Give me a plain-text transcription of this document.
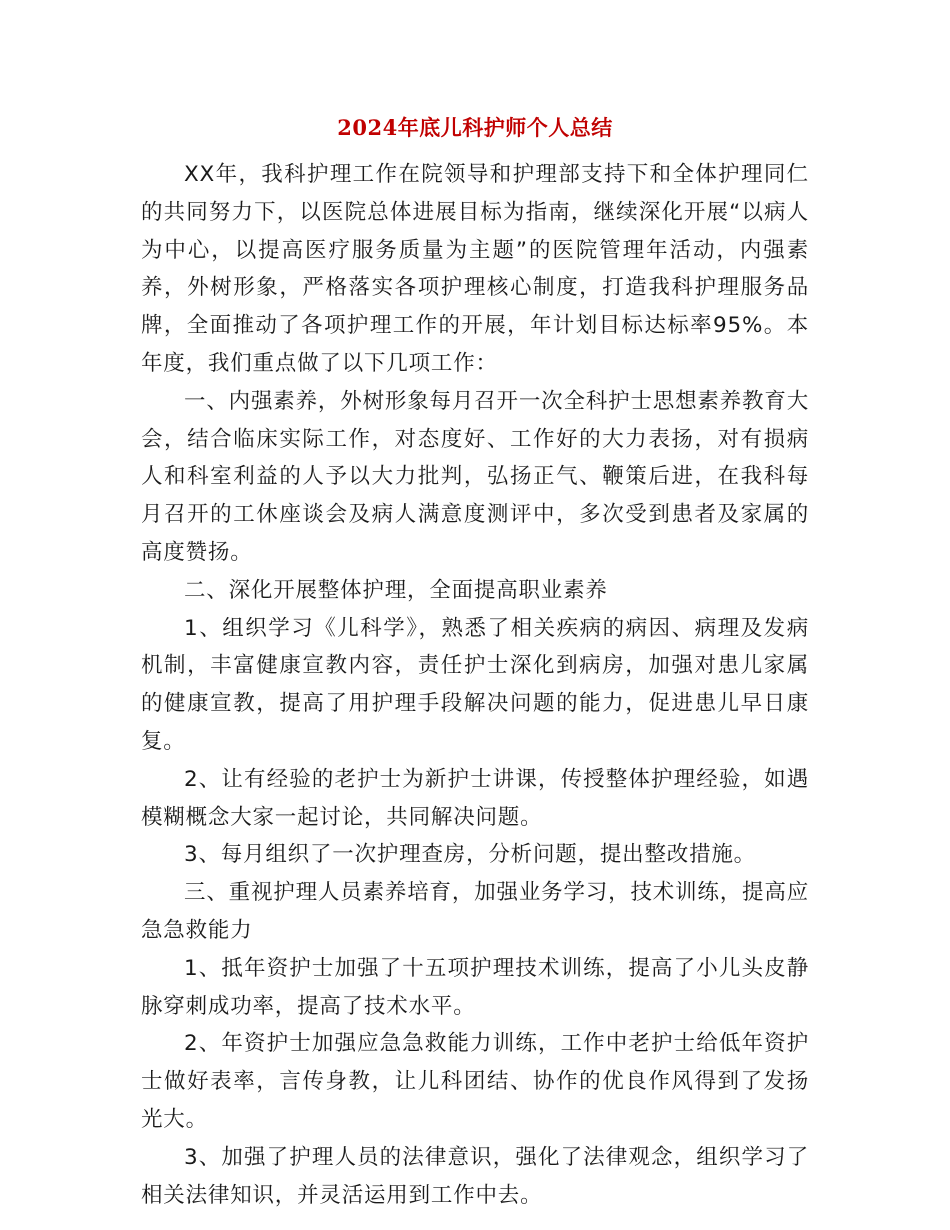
2024年底儿科护师个人总结

XX年，我科护理工作在院领导和护理部支持下和全体护理同仁的共同努力下，以医院总体进展目标为指南，继续深化开展“以病人为中心，以提高医疗服务质量为主题”的医院管理年活动，内强素养，外树形象，严格落实各项护理核心制度，打造我科护理服务品牌，全面推动了各项护理工作的开展，年计划目标达标率95%。本年度，我们重点做了以下几项工作：

一、内强素养，外树形象每月召开一次全科护士思想素养教育大会，结合临床实际工作，对态度好、工作好的大力表扬，对有损病人和科室利益的人予以大力批判，弘扬正气、鞭策后进，在我科每月召开的工休座谈会及病人满意度测评中，多次受到患者及家属的高度赞扬。

二、深化开展整体护理，全面提高职业素养

1、组织学习《儿科学》，熟悉了相关疾病的病因、病理及发病机制，丰富健康宣教内容，责任护士深化到病房，加强对患儿家属的健康宣教，提高了用护理手段解决问题的能力，促进患儿早日康复。

2、让有经验的老护士为新护士讲课，传授整体护理经验，如遇模糊概念大家一起讨论，共同解决问题。

3、每月组织了一次护理查房，分析问题，提出整改措施。

三、重视护理人员素养培育，加强业务学习，技术训练，提高应急急救能力

1、抵年资护士加强了十五项护理技术训练，提高了小儿头皮静脉穿刺成功率，提高了技术水平。

2、年资护士加强应急急救能力训练，工作中老护士给低年资护士做好表率，言传身教，让儿科团结、协作的优良作风得到了发扬光大。

3、加强了护理人员的法律意识，强化了法律观念，组织学习了相关法律知识，并灵活运用到工作中去。
